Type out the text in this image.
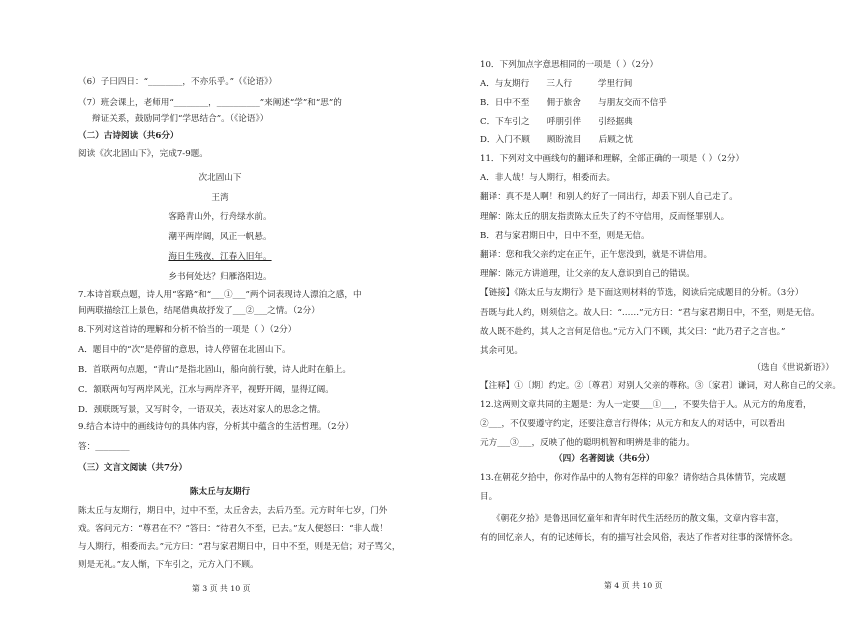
（6）子曰四日：“________，不亦乐乎。”（《论语》）
（7）班会课上，老师用“________，__________”来阐述“学”和“思”的
辩证关系，鼓励同学们“学思结合”。（《论语》）
（二）古诗阅读（共6分）
阅读《次北固山下》，完成7-9题。
次北固山下
王湾
客路青山外，行舟绿水前。
潮平两岸阔，风正一帆悬。
海日生残夜，江春入旧年。
乡书何处达？归雁洛阳边。
7.本诗首联点题，诗人用“客路”和“___①___”两个词表现诗人漂泊之感，中
间两联描绘江上景色，结尾借典故抒发了___②___之情。（2分）
8.下列对这首诗的理解和分析不恰当的一项是（ ）（2分）
A．题目中的“次”是停留的意思，诗人停留在北固山下。
B．首联两句点题，“青山”是指北固山，船向前行驶，诗人此时在船上。
C．颔联两句写两岸风光，江水与两岸齐平，视野开阔，显得辽阔。
D．颈联既写景，又写时令，一语双关，表达对家人的思念之情。
9.结合本诗中的画线诗句的具体内容，分析其中蕴含的生活哲理。（2分）
答：________
（三）文言文阅读（共7分）
陈太丘与友期行
陈太丘与友期行，期日中，过中不至，太丘舍去，去后乃至。元方时年七岁，门外
戏。客问元方：“尊君在不？”答曰：“待君久不至，已去。”友人便怒曰：“非人哉！
与人期行，相委而去。”元方曰：“君与家君期日中，日中不至，则是无信；对子骂父，
则是无礼。”友人惭，下车引之，元方入门不顾。
第 3 页 共 10 页
10．下列加点字意思相同的一项是（ ）（2分）
A．与友期行　　三人行　　　学里行间
B．日中不至　　佣于旅舍　　与朋友交而不信乎
C．下车引之　　呼朋引伴　　引经据典
D．入门不顾　　顾盼流目　　后顾之忧
11．下列对文中画线句的翻译和理解，全部正确的一项是（ ）（2分）
A．非人哉！与人期行，相委而去。
翻译：真不是人啊！和别人约好了一同出行，却丢下别人自己走了。
理解：陈太丘的朋友指责陈太丘失了约不守信用，反而怪罪别人。
B．君与家君期日中，日中不至，则是无信。
翻译：您和我父亲约定在正午，正午您没到，就是不讲信用。
理解：陈元方讲道理，让父亲的友人意识到自己的错误。
【链接】《陈太丘与友期行》是下面这则材料的节选，阅读后完成题目的分析。（3分）
吾既与此人约，则须信之。故人曰：“……”元方曰：“君与家君期日中，不至，则是无信。
故人既不赴约，其人之言何足信也。”元方入门不顾，其父曰：“此乃君子之言也。”
其余可见。
（选自《世说新语》）
【注释】①〔期〕约定。②〔尊君〕对别人父亲的尊称。③〔家君〕谦词，对人称自己的父亲。
12.这两则文章共同的主题是：为人一定要___①___，不要失信于人。从元方的角度看，
②___，不仅要遵守约定，还要注意言行得体；从元方和友人的对话中，可以看出
元方___③___，反映了他的聪明机智和明辨是非的能力。
（四）名著阅读（共6分）
13.在朝花夕拾中，你对作品中的人物有怎样的印象？请你结合具体情节，完成题
目。
《朝花夕拾》是鲁迅回忆童年和青年时代生活经历的散文集，文章内容丰富，
有的回忆亲人，有的记述师长，有的描写社会风俗，表达了作者对往事的深情怀念。
第 4 页 共 10 页
